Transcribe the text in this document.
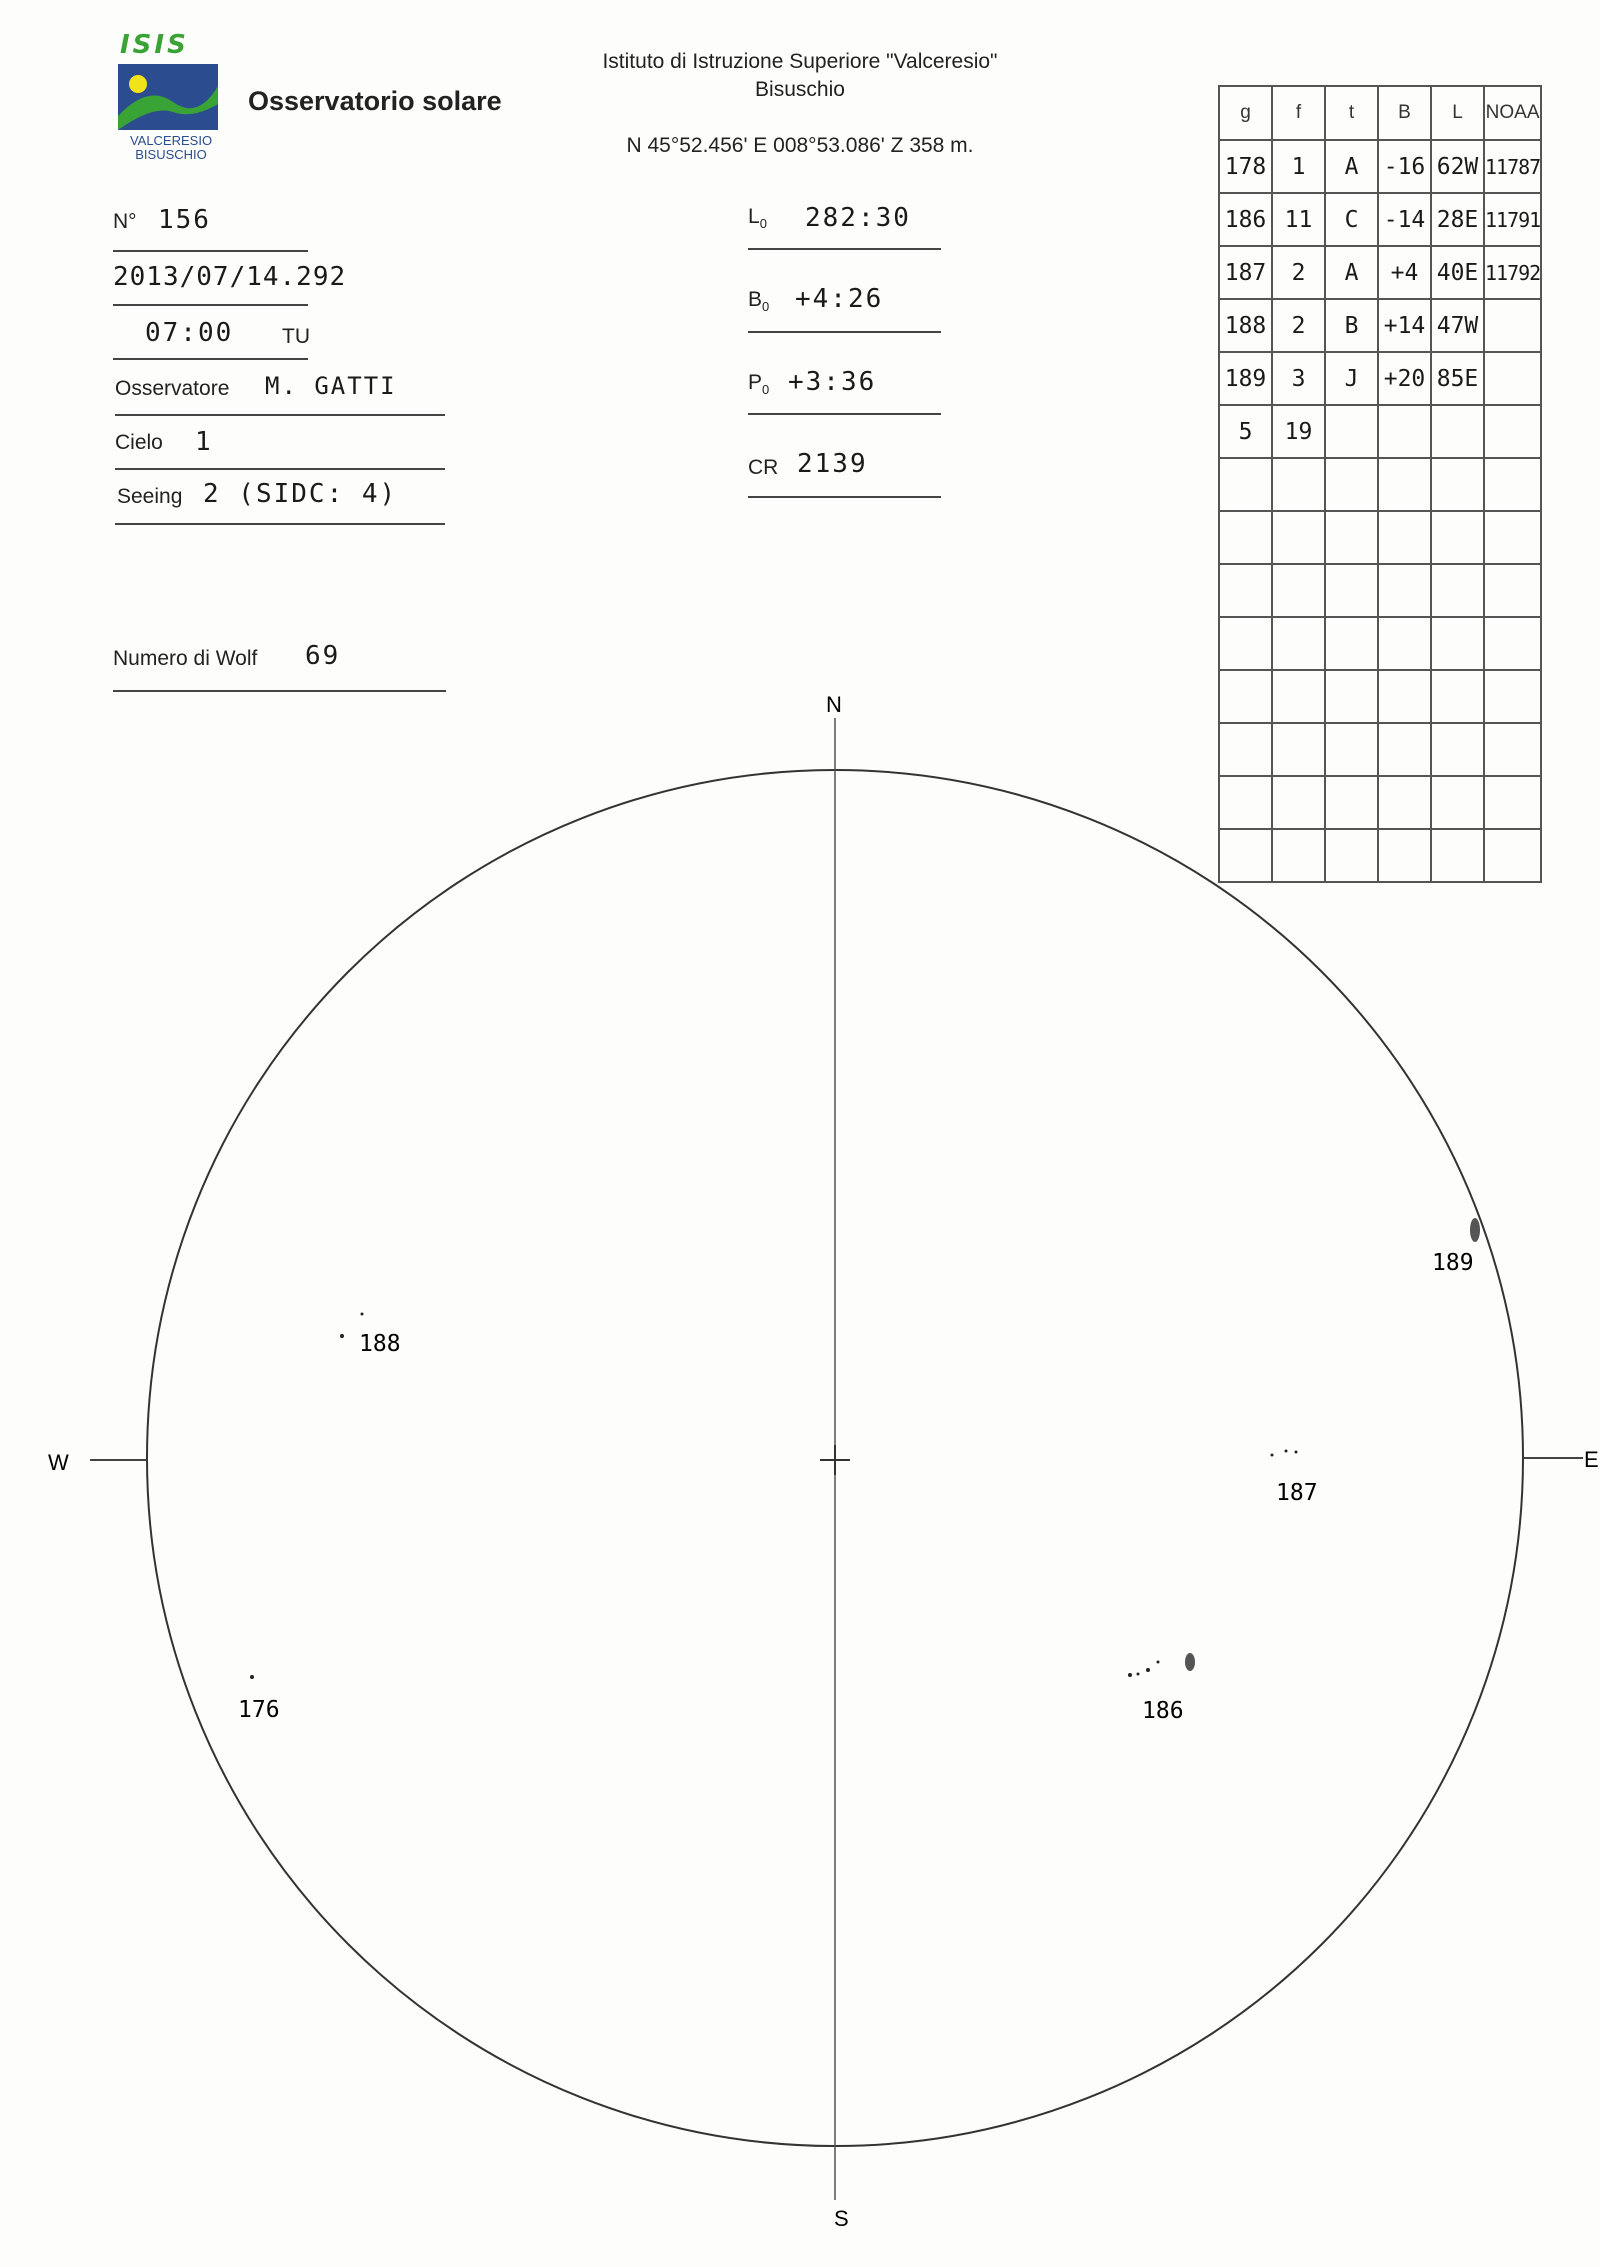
ISIS
VALCERESIO
BISUSCHIO
Osservatorio solare
Istituto di Istruzione Superiore "Valceresio"
Bisuschio
N 45°52.456' E 008°53.086' Z 358 m.
N° 156
2013/07/14.292
07:00 TU
Osservatore M. GATTI
Cielo 1
Seeing 2 (SIDC: 4)
Numero di Wolf 69
$L_0$ 282:30
$B_0$ +4:26
$P_0$ +3:36
CR 2139
g	f	t	B	L	NOAA
178	1	A	-16	62W	11787
186	11	C	-14	28E	11791
187	2	A	+4	40E	11792
188	2	B	+14	47W	
189	3	J	+20	85E	
5	19				

N
S
W	E
188
189
187
176	186
